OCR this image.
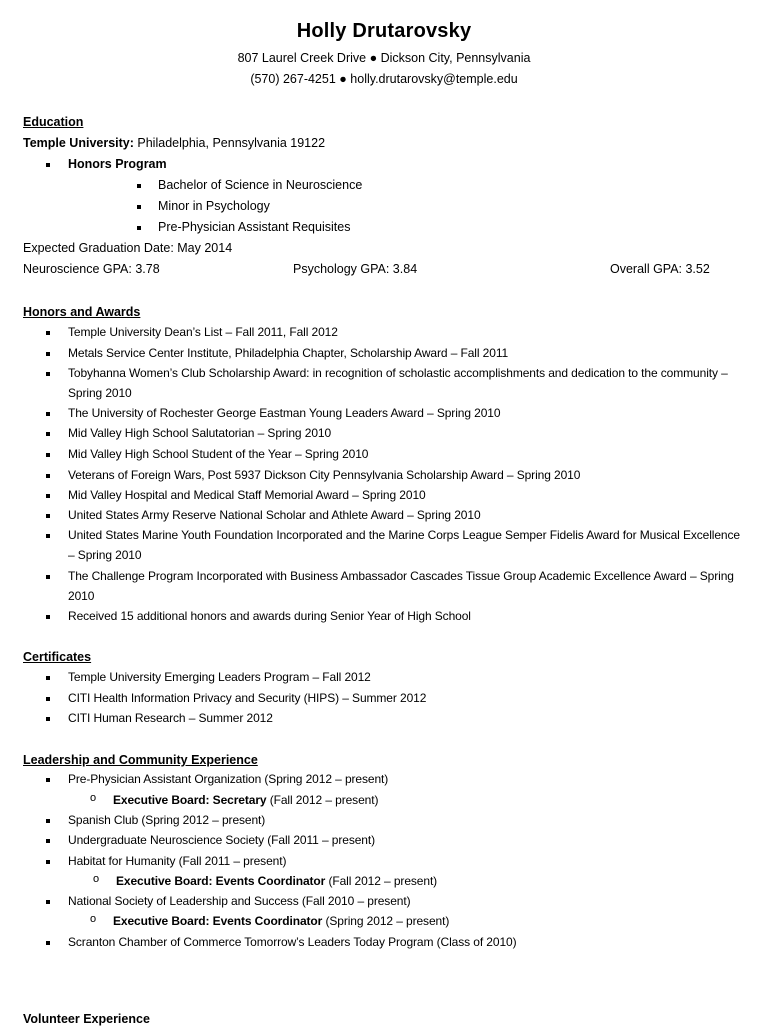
Holly Drutarovsky
807 Laurel Creek Drive ● Dickson City, Pennsylvania
(570) 267-4251 ● holly.drutarovsky@temple.edu
Education
Temple University: Philadelphia, Pennsylvania 19122
Honors Program
Bachelor of Science in Neuroscience
Minor in Psychology
Pre-Physician Assistant Requisites
Expected Graduation Date: May 2014
Neuroscience GPA: 3.78	Psychology GPA: 3.84	Overall GPA: 3.52
Honors and Awards
Temple University Dean’s List – Fall 2011, Fall 2012
Metals Service Center Institute, Philadelphia Chapter, Scholarship Award – Fall 2011
Tobyhanna Women’s Club Scholarship Award: in recognition of scholastic accomplishments and dedication to the community – Spring 2010
The University of Rochester George Eastman Young Leaders Award – Spring 2010
Mid Valley High School Salutatorian – Spring 2010
Mid Valley High School Student of the Year – Spring 2010
Veterans of Foreign Wars, Post 5937 Dickson City Pennsylvania Scholarship Award – Spring 2010
Mid Valley Hospital and Medical Staff Memorial Award – Spring 2010
United States Army Reserve National Scholar and Athlete Award – Spring 2010
United States Marine Youth Foundation Incorporated and the Marine Corps League Semper Fidelis Award for Musical Excellence – Spring 2010
The Challenge Program Incorporated with Business Ambassador Cascades Tissue Group Academic Excellence Award – Spring 2010
Received 15 additional honors and awards during Senior Year of High School
Certificates
Temple University Emerging Leaders Program – Fall 2012
CITI Health Information Privacy and Security (HIPS) – Summer 2012
CITI Human Research – Summer 2012
Leadership and Community Experience
Pre-Physician Assistant Organization (Spring 2012 – present)
o Executive Board: Secretary (Fall 2012 – present)
Spanish Club (Spring 2012 – present)
Undergraduate Neuroscience Society (Fall 2011 – present)
Habitat for Humanity (Fall 2011 – present)
o Executive Board: Events Coordinator (Fall 2012 – present)
National Society of Leadership and Success (Fall 2010 – present)
o Executive Board: Events Coordinator (Spring 2012 – present)
Scranton Chamber of Commerce Tomorrow’s Leaders Today Program (Class of 2010)
Volunteer Experience
